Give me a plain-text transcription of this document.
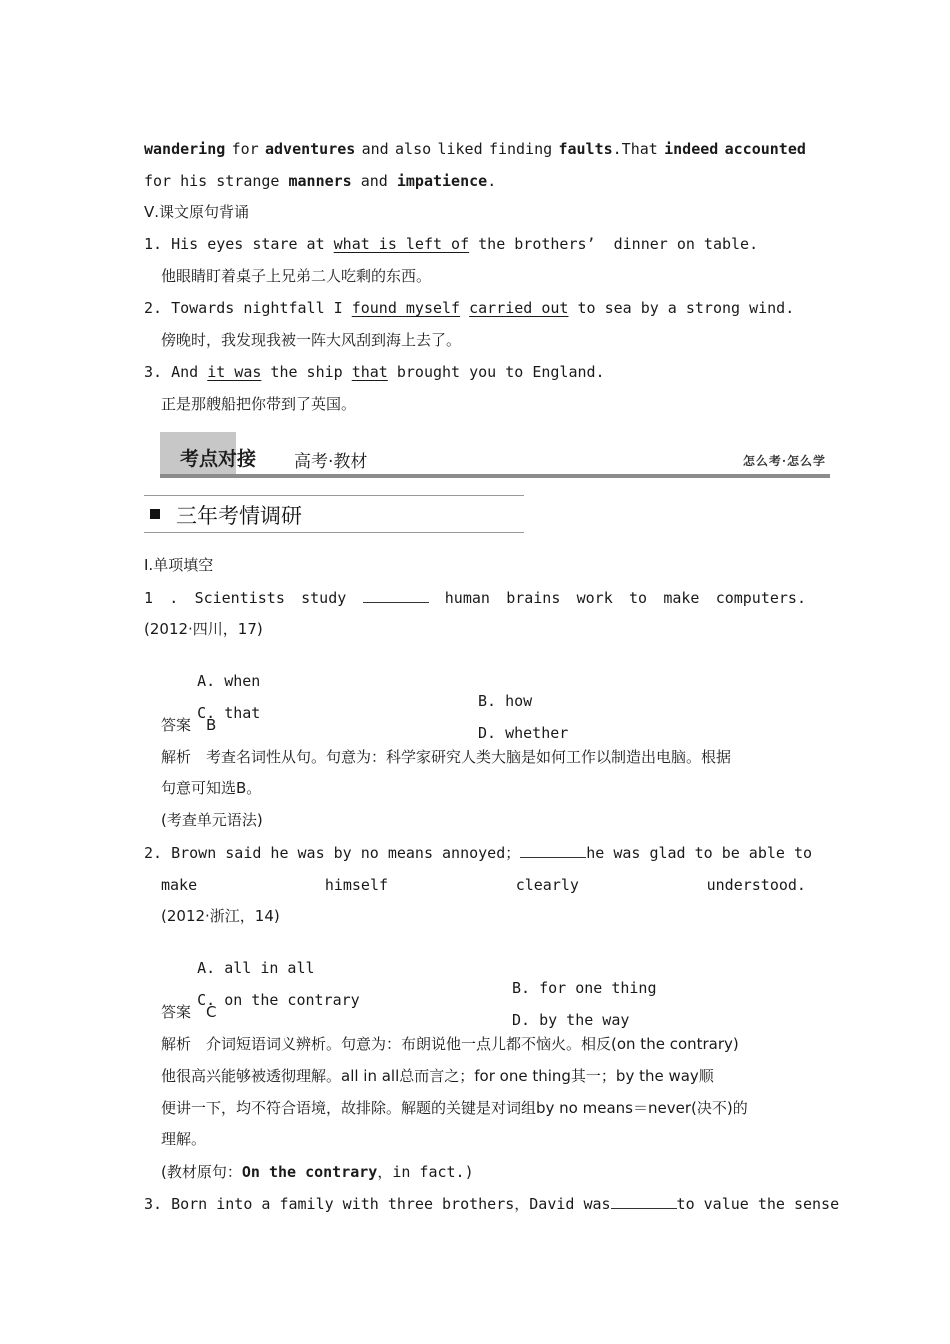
wandering for adventures and also liked finding faults.That indeed accounted
for his strange manners and impatience.
Ⅴ.课文原句背诵
1. His eyes stare at what is left of the brothers’  dinner on table.
他眼睛盯着桌子上兄弟二人吃剩的东西。
2. Towards nightfall I found myself carried out to sea by a strong wind.
傍晚时，我发现我被一阵大风刮到海上去了。
3. And it was the ship that brought you to England.
正是那艘船把你带到了英国。
考点对接 高考·教材	怎么考·怎么学
三年考情调研
Ⅰ.单项填空
1 . Scientists study	human brains work to make computers.
(2012·四川，17)

A. when

B. how

C. that

D. whether

答案　B
解析　考查名词性从句。句意为：科学家研究人类大脑是如何工作以制造出电脑。根据
句意可知选B。
(考查单元语法)
2. Brown said he was by no means annoyed；	he was glad to be able to
make	himself	clearly	understood.
(2012·浙江，14)

A. all in all

B. for one thing

C. on the contrary

D. by the way

答案　C
解析　介词短语词义辨析。句意为：布朗说他一点儿都不恼火。相反(on the contrary)
他很高兴能够被透彻理解。all in all总而言之；for one thing其一；by the way顺
便讲一下，均不符合语境，故排除。解题的关键是对词组by no means＝never(决不)的
理解。
(教材原句：On the contrary，in fact.)
3. Born into a family with three brothers，David was	to value the sense
